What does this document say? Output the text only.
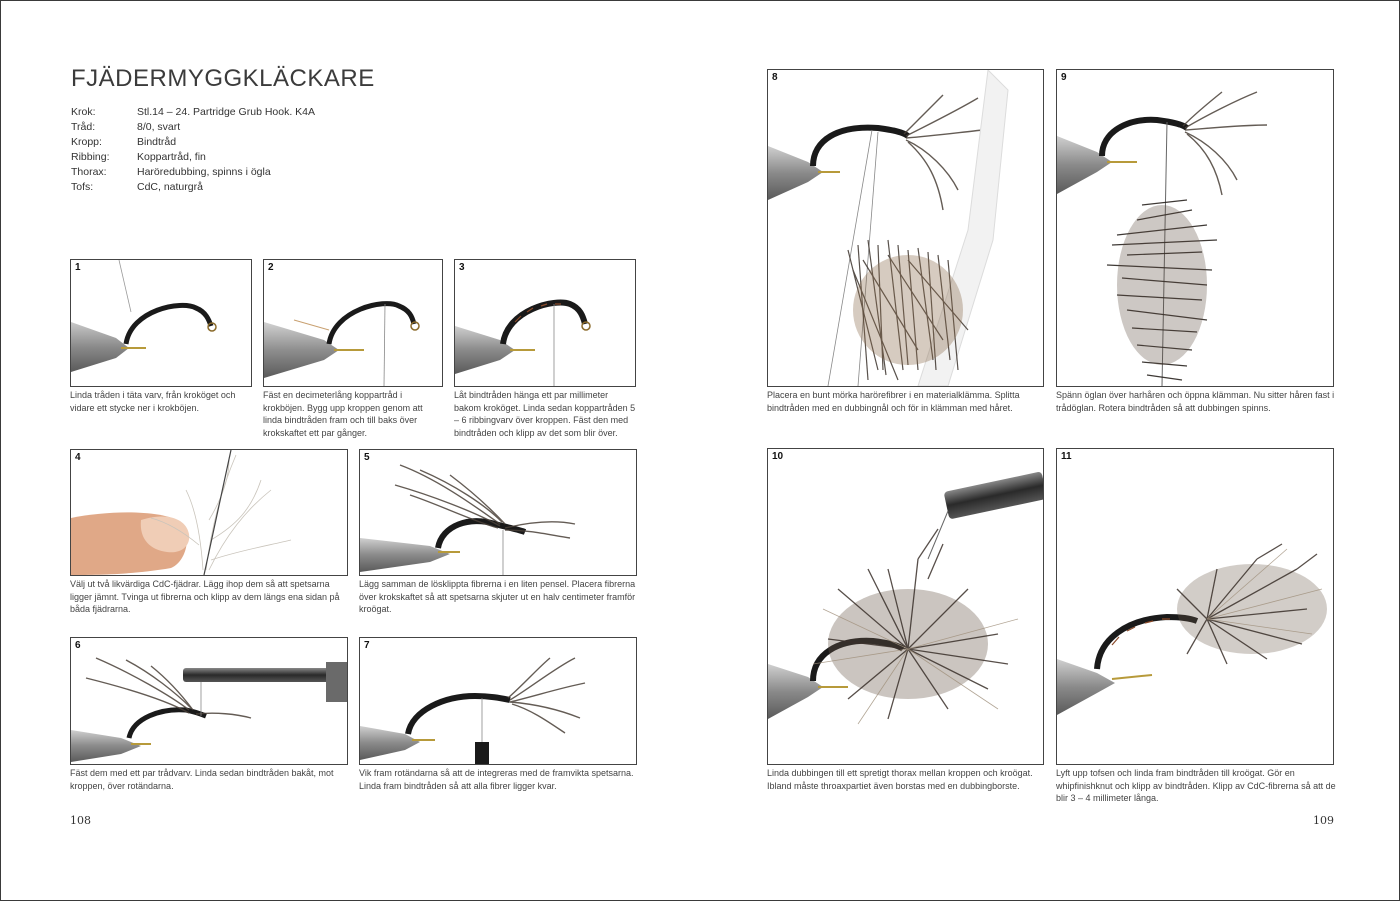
FJÄDERMYGGKLÄCKARE
Krok:	Stl.14 – 24. Partridge Grub Hook. K4A
Tråd:	8/0, svart
Kropp:	Bindtråd
Ribbing:	Koppartråd, fin
Thorax:	Haröredubbing, spinns i ögla
Tofs:	CdC, naturgrå
1
Linda tråden i täta varv, från kroköget och vidare ett stycke ner i krokböjen.
2
Fäst en decimeterlång koppartråd i krokböjen. Bygg upp kroppen genom att linda bindtråden fram och till baks över krokskaftet ett par gånger.
3
Låt bindtråden hänga ett par millimeter bakom kroköget. Linda sedan koppartråden 5 – 6 ribbingvarv över kroppen. Fäst den med bindtråden och klipp av det som blir över.
4
Välj ut två likvärdiga CdC-fjädrar. Lägg ihop dem så att spetsarna ligger jämnt. Tvinga ut fibrerna och klipp av dem längs ena sidan på båda fjädrarna.
5
Lägg samman de lösklippta fibrerna i en liten pensel. Placera fibrerna över krokskaftet så att spetsarna skjuter ut en halv centimeter framför kroögat.
6
Fäst dem med ett par trådvarv. Linda sedan bindtråden bakåt, mot kroppen, över rotändarna.
7
Vik fram rotändarna så att de integreras med de framvikta spetsarna. Linda fram bindtråden så att alla fibrer ligger kvar.
8
Placera en bunt mörka harörefibrer i en materialklämma. Splitta bindtråden med en dubbingnål och för in klämman med håret.
9
Spänn öglan över harhåren och öppna klämman. Nu sitter håren fast i trådöglan. Rotera bindtråden så att dubbingen spinns.
10
Linda dubbingen till ett spretigt thorax mellan kroppen och kroögat. Ibland måste throaxpartiet även borstas med en dubbingborste.
11
Lyft upp tofsen och linda fram bindtråden till kroögat. Gör en whipfinishknut och klipp av bindtråden. Klipp av CdC-fibrerna så att de blir 3 – 4 millimeter långa.
108	109
